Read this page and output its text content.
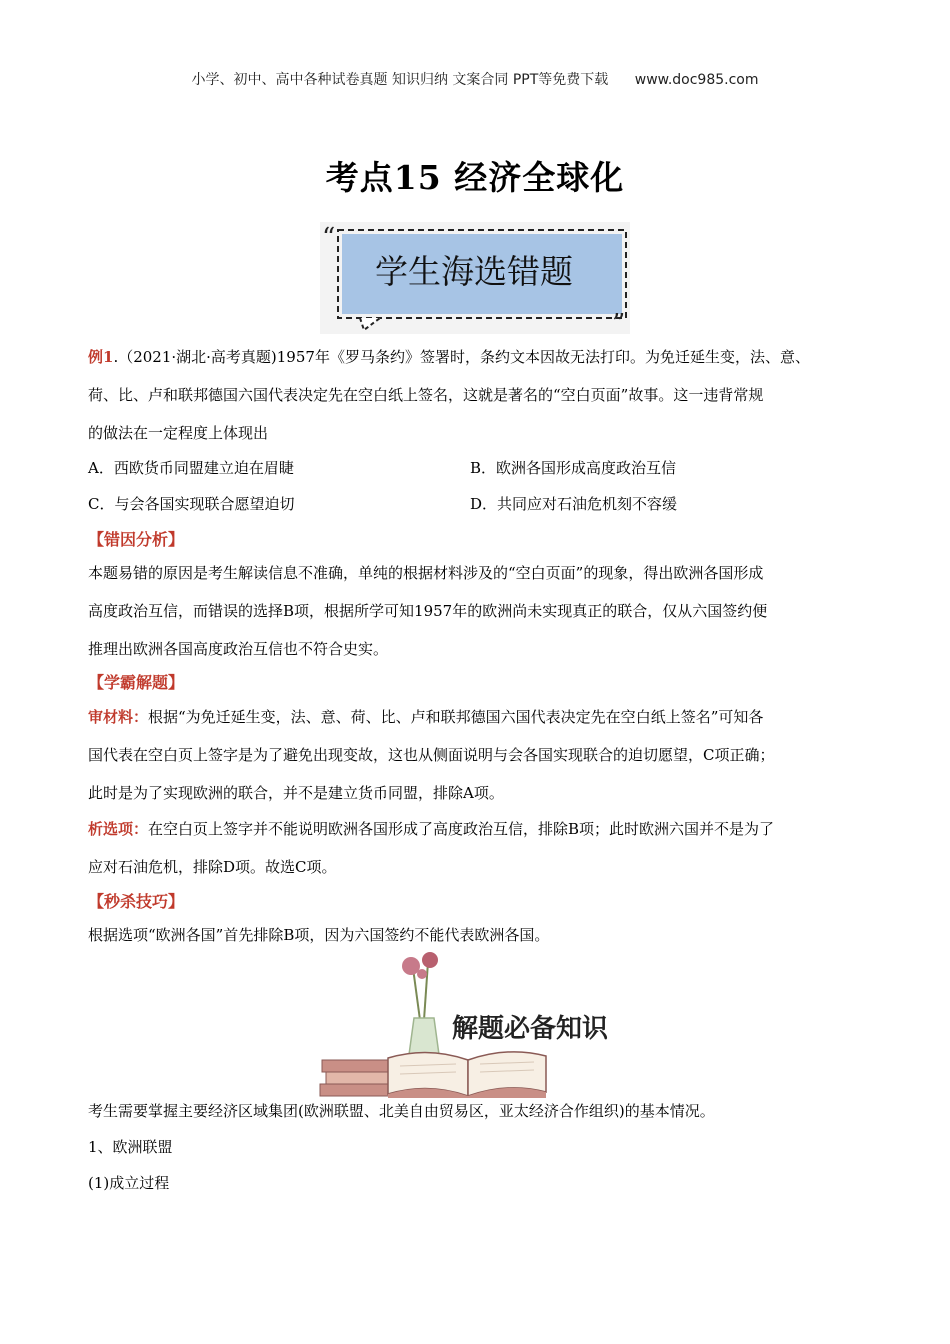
小学、初中、高中各种试卷真题 知识归纳 文案合同 PPT等免费下载 www.doc985.com
考点15 经济全球化
“
”
学生海选错题
例1.（2021·湖北·高考真题)1957年《罗马条约》签署时，条约文本因故无法打印。为免迁延生变，法、意、
荷、比、卢和联邦德国六国代表决定先在空白纸上签名，这就是著名的“空白页面”故事。这一违背常规
的做法在一定程度上体现出
A．西欧货币同盟建立迫在眉睫	B．欧洲各国形成高度政治互信
C．与会各国实现联合愿望迫切	D．共同应对石油危机刻不容缓
【错因分析】
本题易错的原因是考生解读信息不准确，单纯的根据材料涉及的“空白页面”的现象，得出欧洲各国形成
高度政治互信，而错误的选择B项，根据所学可知1957年的欧洲尚未实现真正的联合，仅从六国签约便
推理出欧洲各国高度政治互信也不符合史实。
【学霸解题】
审材料：根据“为免迁延生变，法、意、荷、比、卢和联邦德国六国代表决定先在空白纸上签名”可知各
国代表在空白页上签字是为了避免出现变故，这也从侧面说明与会各国实现联合的迫切愿望，C项正确；
此时是为了实现欧洲的联合，并不是建立货币同盟，排除A项。
析选项：在空白页上签字并不能说明欧洲各国形成了高度政治互信，排除B项；此时欧洲六国并不是为了
应对石油危机，排除D项。故选C项。
【秒杀技巧】
根据选项“欧洲各国”首先排除B项，因为六国签约不能代表欧洲各国。
解题必备知识
考生需要掌握主要经济区域集团(欧洲联盟、北美自由贸易区，亚太经济合作组织)的基本情况。
1、欧洲联盟
(1)成立过程
